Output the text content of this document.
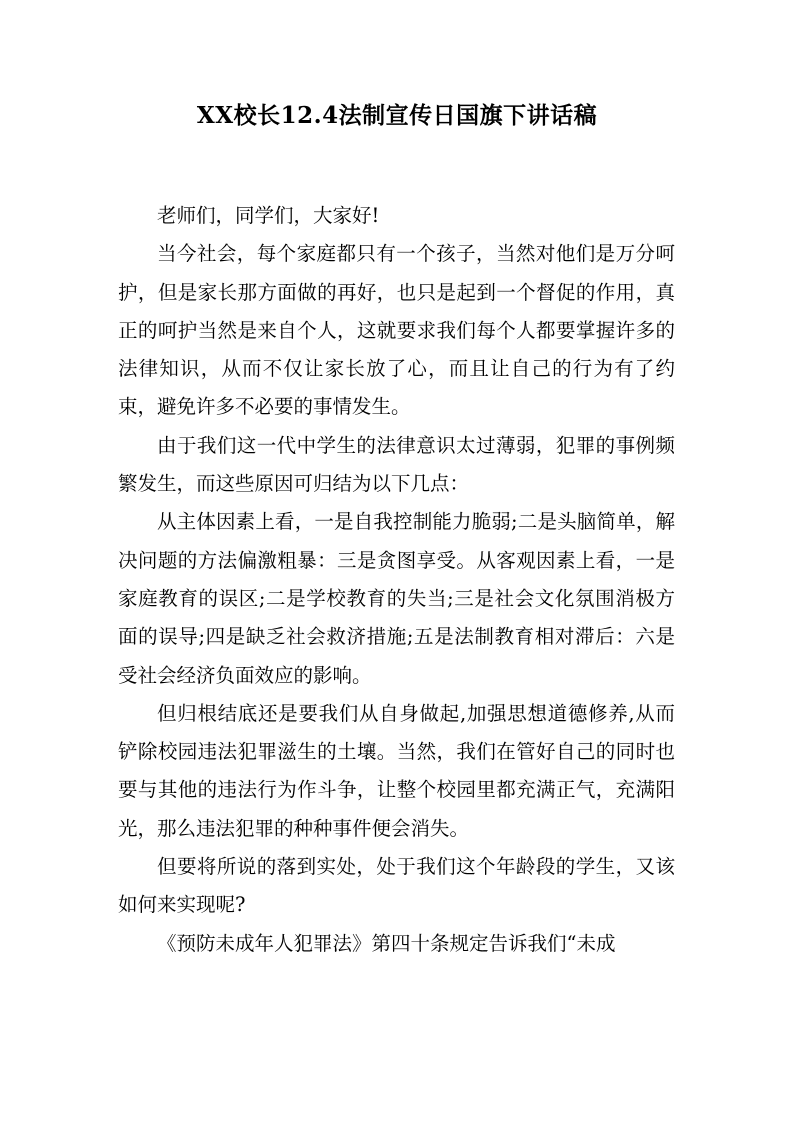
XX校长12.4法制宣传日国旗下讲话稿

老师们，同学们，大家好!

当今社会，每个家庭都只有一个孩子，当然对他们是万分呵护，但是家长那方面做的再好，也只是起到一个督促的作用，真正的呵护当然是来自个人，这就要求我们每个人都要掌握许多的法律知识，从而不仅让家长放了心，而且让自己的行为有了约束，避免许多不必要的事情发生。

由于我们这一代中学生的法律意识太过薄弱，犯罪的事例频繁发生，而这些原因可归结为以下几点：

从主体因素上看，一是自我控制能力脆弱;二是头脑简单，解决问题的方法偏激粗暴：三是贪图享受。从客观因素上看，一是家庭教育的误区;二是学校教育的失当;三是社会文化氛围消极方面的误导;四是缺乏社会救济措施;五是法制教育相对滞后：六是受社会经济负面效应的影响。

但归根结底还是要我们从自身做起,加强思想道德修养,从而铲除校园违法犯罪滋生的土壤。当然，我们在管好自己的同时也要与其他的违法行为作斗争，让整个校园里都充满正气，充满阳光，那么违法犯罪的种种事件便会消失。

但要将所说的落到实处，处于我们这个年龄段的学生，又该如何来实现呢?

《预防未成年人犯罪法》第四十条规定告诉我们“未成
